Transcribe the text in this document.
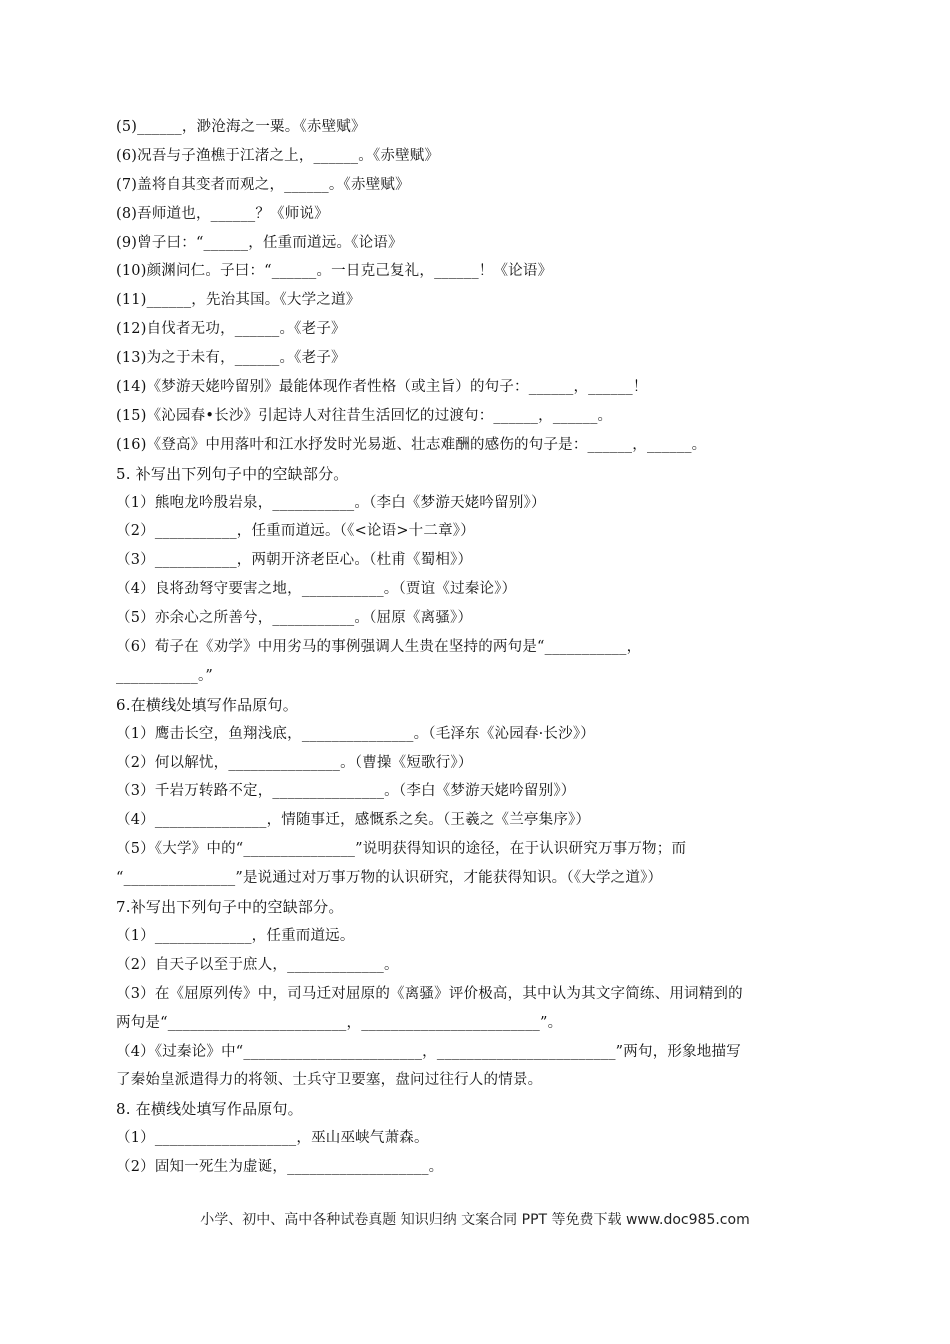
(5)______，渺沧海之一粟。《赤壁赋》
(6)况吾与子渔樵于江渚之上，______。《赤壁赋》
(7)盖将自其变者而观之，______。《赤壁赋》
(8)吾师道也，______？《师说》
(9)曾子曰：“______，任重而道远。《论语》
(10)颜渊问仁。子曰：“______。一日克己复礼，______！《论语》
(11)______，先治其国。《大学之道》
(12)自伐者无功，______。《老子》
(13)为之于未有，______。《老子》
(14)《梦游天姥吟留别》最能体现作者性格（或主旨）的句子：______，______！
(15)《沁园春•长沙》引起诗人对往昔生活回忆的过渡句：______，______。
(16)《登高》中用落叶和江水抒发时光易逝、壮志难酬的感伤的句子是：______，______。
5. 补写出下列句子中的空缺部分。
（1）熊咆龙吟殷岩泉，___________。（李白《梦游天姥吟留别》）
（2）___________，任重而道远。（《<论语>十二章》）
（3）___________，两朝开济老臣心。（杜甫《蜀相》）
（4）良将劲弩守要害之地，___________。（贾谊《过秦论》）
（5）亦余心之所善兮，___________。（屈原《离骚》）
（6）荀子在《劝学》中用劣马的事例强调人生贵在坚持的两句是“___________，
___________。”
6.在横线处填写作品原句。
（1）鹰击长空，鱼翔浅底，_______________。（毛泽东《沁园春·长沙》）
（2）何以解忧，_______________。（曹操《短歌行》）
（3）千岩万转路不定，_______________。（李白《梦游天姥吟留别》）
（4）_______________，情随事迁，感慨系之矣。（王羲之《兰亭集序》）
（5）《大学》中的“_______________”说明获得知识的途径，在于认识研究万事万物；而
“_______________”是说通过对万事万物的认识研究，才能获得知识。（《大学之道》）
7.补写出下列句子中的空缺部分。
（1）_____________，任重而道远。
（2）自天子以至于庶人，_____________。
（3）在《屈原列传》中，司马迁对屈原的《离骚》评价极高，其中认为其文字简练、用词精到的
两句是“________________________，________________________”。
（4）《过秦论》中“________________________，________________________”两句，形象地描写
了秦始皇派遣得力的将领、士兵守卫要塞，盘问过往行人的情景。
8. 在横线处填写作品原句。
（1）___________________，巫山巫峡气萧森。
（2）固知一死生为虚诞，___________________。
小学、初中、高中各种试卷真题 知识归纳 文案合同 PPT 等免费下载 www.doc985.com
